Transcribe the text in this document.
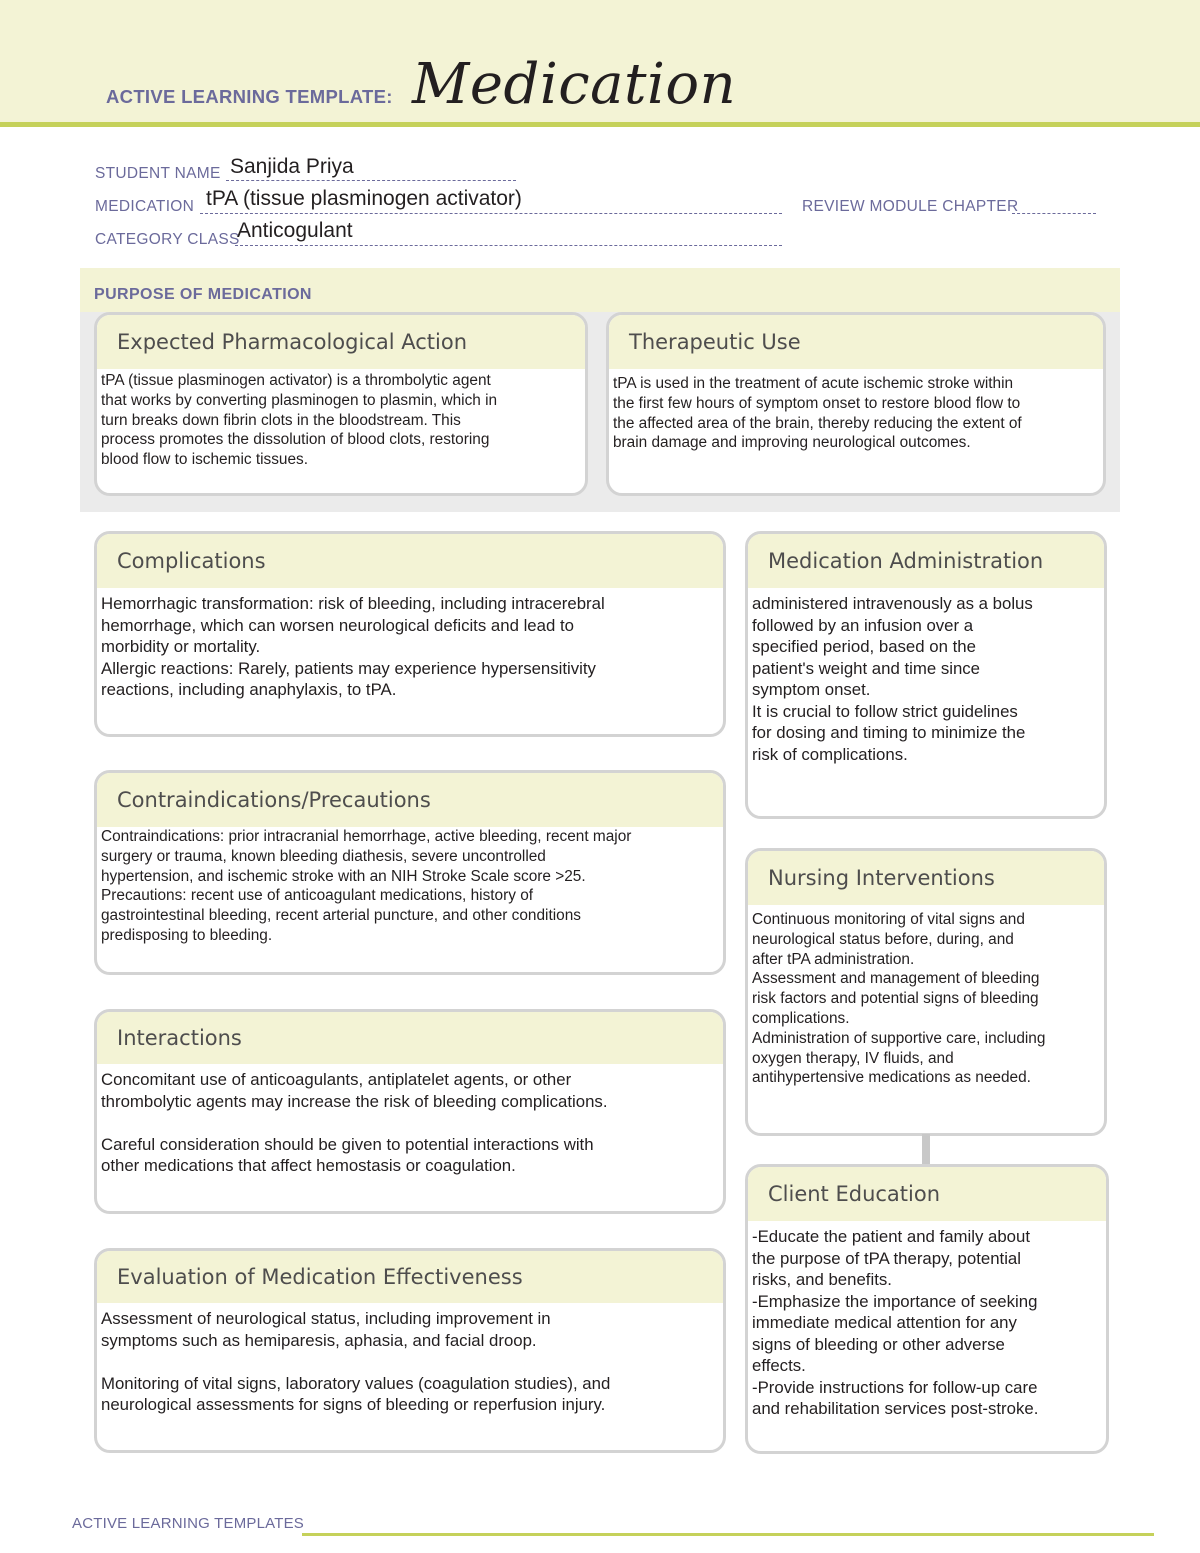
ACTIVE LEARNING TEMPLATE: Medication
STUDENT NAME Sanjida Priya
MEDICATION tPA (tissue plasminogen activator)	REVIEW MODULE CHAPTER
CATEGORY CLASS
Anticogulant
PURPOSE OF MEDICATION
Expected Pharmacological Action
tPA (tissue plasminogen activator) is a thrombolytic agent
that works by converting plasminogen to plasmin, which in
turn breaks down fibrin clots in the bloodstream. This
process promotes the dissolution of blood clots, restoring
blood flow to ischemic tissues.
Therapeutic Use
tPA is used in the treatment of acute ischemic stroke within
the first few hours of symptom onset to restore blood flow to
the affected area of the brain, thereby reducing the extent of
brain damage and improving neurological outcomes.
Complications
Hemorrhagic transformation: risk of bleeding, including intracerebral
hemorrhage, which can worsen neurological deficits and lead to
morbidity or mortality.
Allergic reactions: Rarely, patients may experience hypersensitivity
reactions, including anaphylaxis, to tPA.
Contraindications/Precautions
Contraindications: prior intracranial hemorrhage, active bleeding, recent major
surgery or trauma, known bleeding diathesis, severe uncontrolled
hypertension, and ischemic stroke with an NIH Stroke Scale score >25.
Precautions: recent use of anticoagulant medications, history of
gastrointestinal bleeding, recent arterial puncture, and other conditions
predisposing to bleeding.
Interactions
Concomitant use of anticoagulants, antiplatelet agents, or other
thrombolytic agents may increase the risk of bleeding complications.

Careful consideration should be given to potential interactions with
other medications that affect hemostasis or coagulation.
Evaluation of Medication Effectiveness
Assessment of neurological status, including improvement in
symptoms such as hemiparesis, aphasia, and facial droop.

Monitoring of vital signs, laboratory values (coagulation studies), and
neurological assessments for signs of bleeding or reperfusion injury.
Medication Administration
administered intravenously as a bolus
followed by an infusion over a
specified period, based on the
patient's weight and time since
symptom onset.
It is crucial to follow strict guidelines
for dosing and timing to minimize the
risk of complications.
Nursing Interventions
Continuous monitoring of vital signs and
neurological status before, during, and
after tPA administration.
Assessment and management of bleeding
risk factors and potential signs of bleeding
complications.
Administration of supportive care, including
oxygen therapy, IV fluids, and
antihypertensive medications as needed.
Client Education
-Educate the patient and family about
the purpose of tPA therapy, potential
risks, and benefits.
-Emphasize the importance of seeking
immediate medical attention for any
signs of bleeding or other adverse
effects.
-Provide instructions for follow-up care
and rehabilitation services post-stroke.
ACTIVE LEARNING TEMPLATES
